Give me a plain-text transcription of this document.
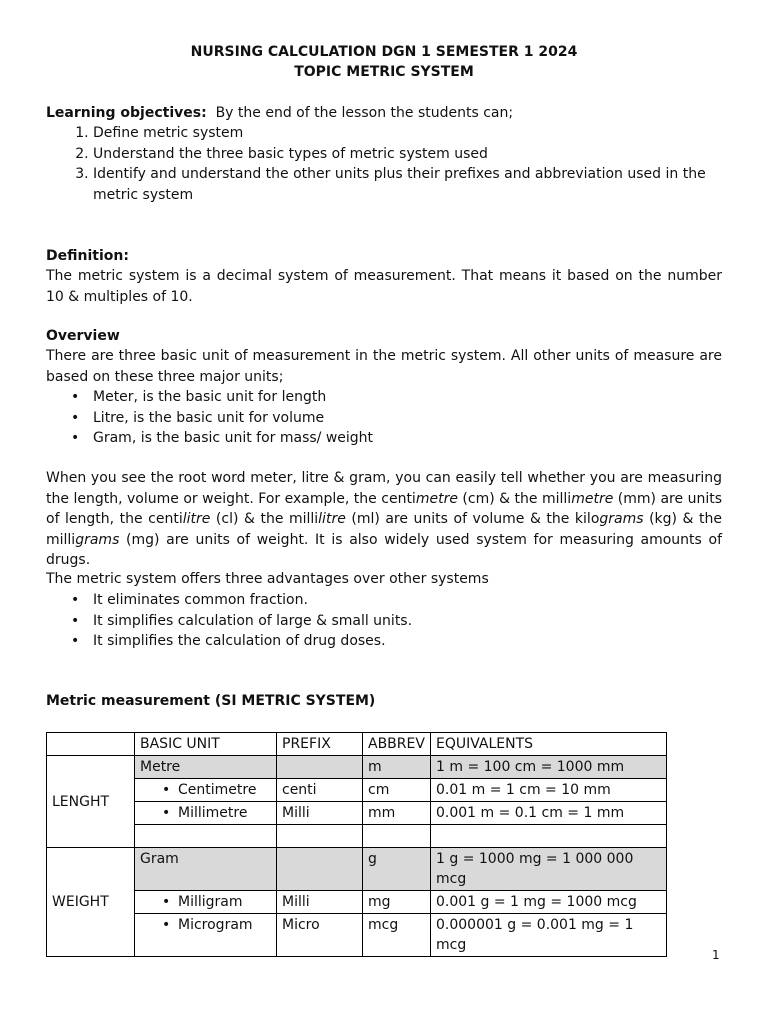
NURSING CALCULATION DGN 1 SEMESTER 1 2024
TOPIC METRIC SYSTEM

Learning objectives: By the end of the lesson the students can;

1. Define metric system
2. Understand the three basic types of metric system used
3. Identify and understand the other units plus their prefixes and abbreviation used in the metric system

Definition:

The metric system is a decimal system of measurement. That means it based on the number 10 & multiples of 10.

Overview

There are three basic unit of measurement in the metric system. All other units of measure are based on these three major units;

• Meter, is the basic unit for length
• Litre, is the basic unit for volume
• Gram, is the basic unit for mass/ weight

When you see the root word meter, litre & gram, you can easily tell whether you are measuring the length, volume or weight. For example, the centimetre (cm) & the millimetre (mm) are units of length, the centilitre (cl) & the millilitre (ml) are units of volume & the kilograms (kg) & the milligrams (mg) are units of weight. It is also widely used system for measuring amounts of drugs.

The metric system offers three advantages over other systems

• It eliminates common fraction.
• It simplifies calculation of large & small units.
• It simplifies the calculation of drug doses.

Metric measurement (SI METRIC SYSTEM)

	BASIC UNIT	PREFIX	ABBREV	EQUIVALENTS
LENGHT	Metre		m	1 m = 100 cm = 1000 mm
	• Centimetre	centi	cm	0.01 m = 1 cm = 10 mm
	• Millimetre	Milli	mm	0.001 m = 0.1 cm = 1 mm

WEIGHT	Gram		g	1 g = 1000 mg = 1 000 000 mcg
	• Milligram	Milli	mg	0.001 g = 1 mg = 1000 mcg
	• Microgram	Micro	mcg	0.000001 g = 0.001 mg = 1 mcg
1
